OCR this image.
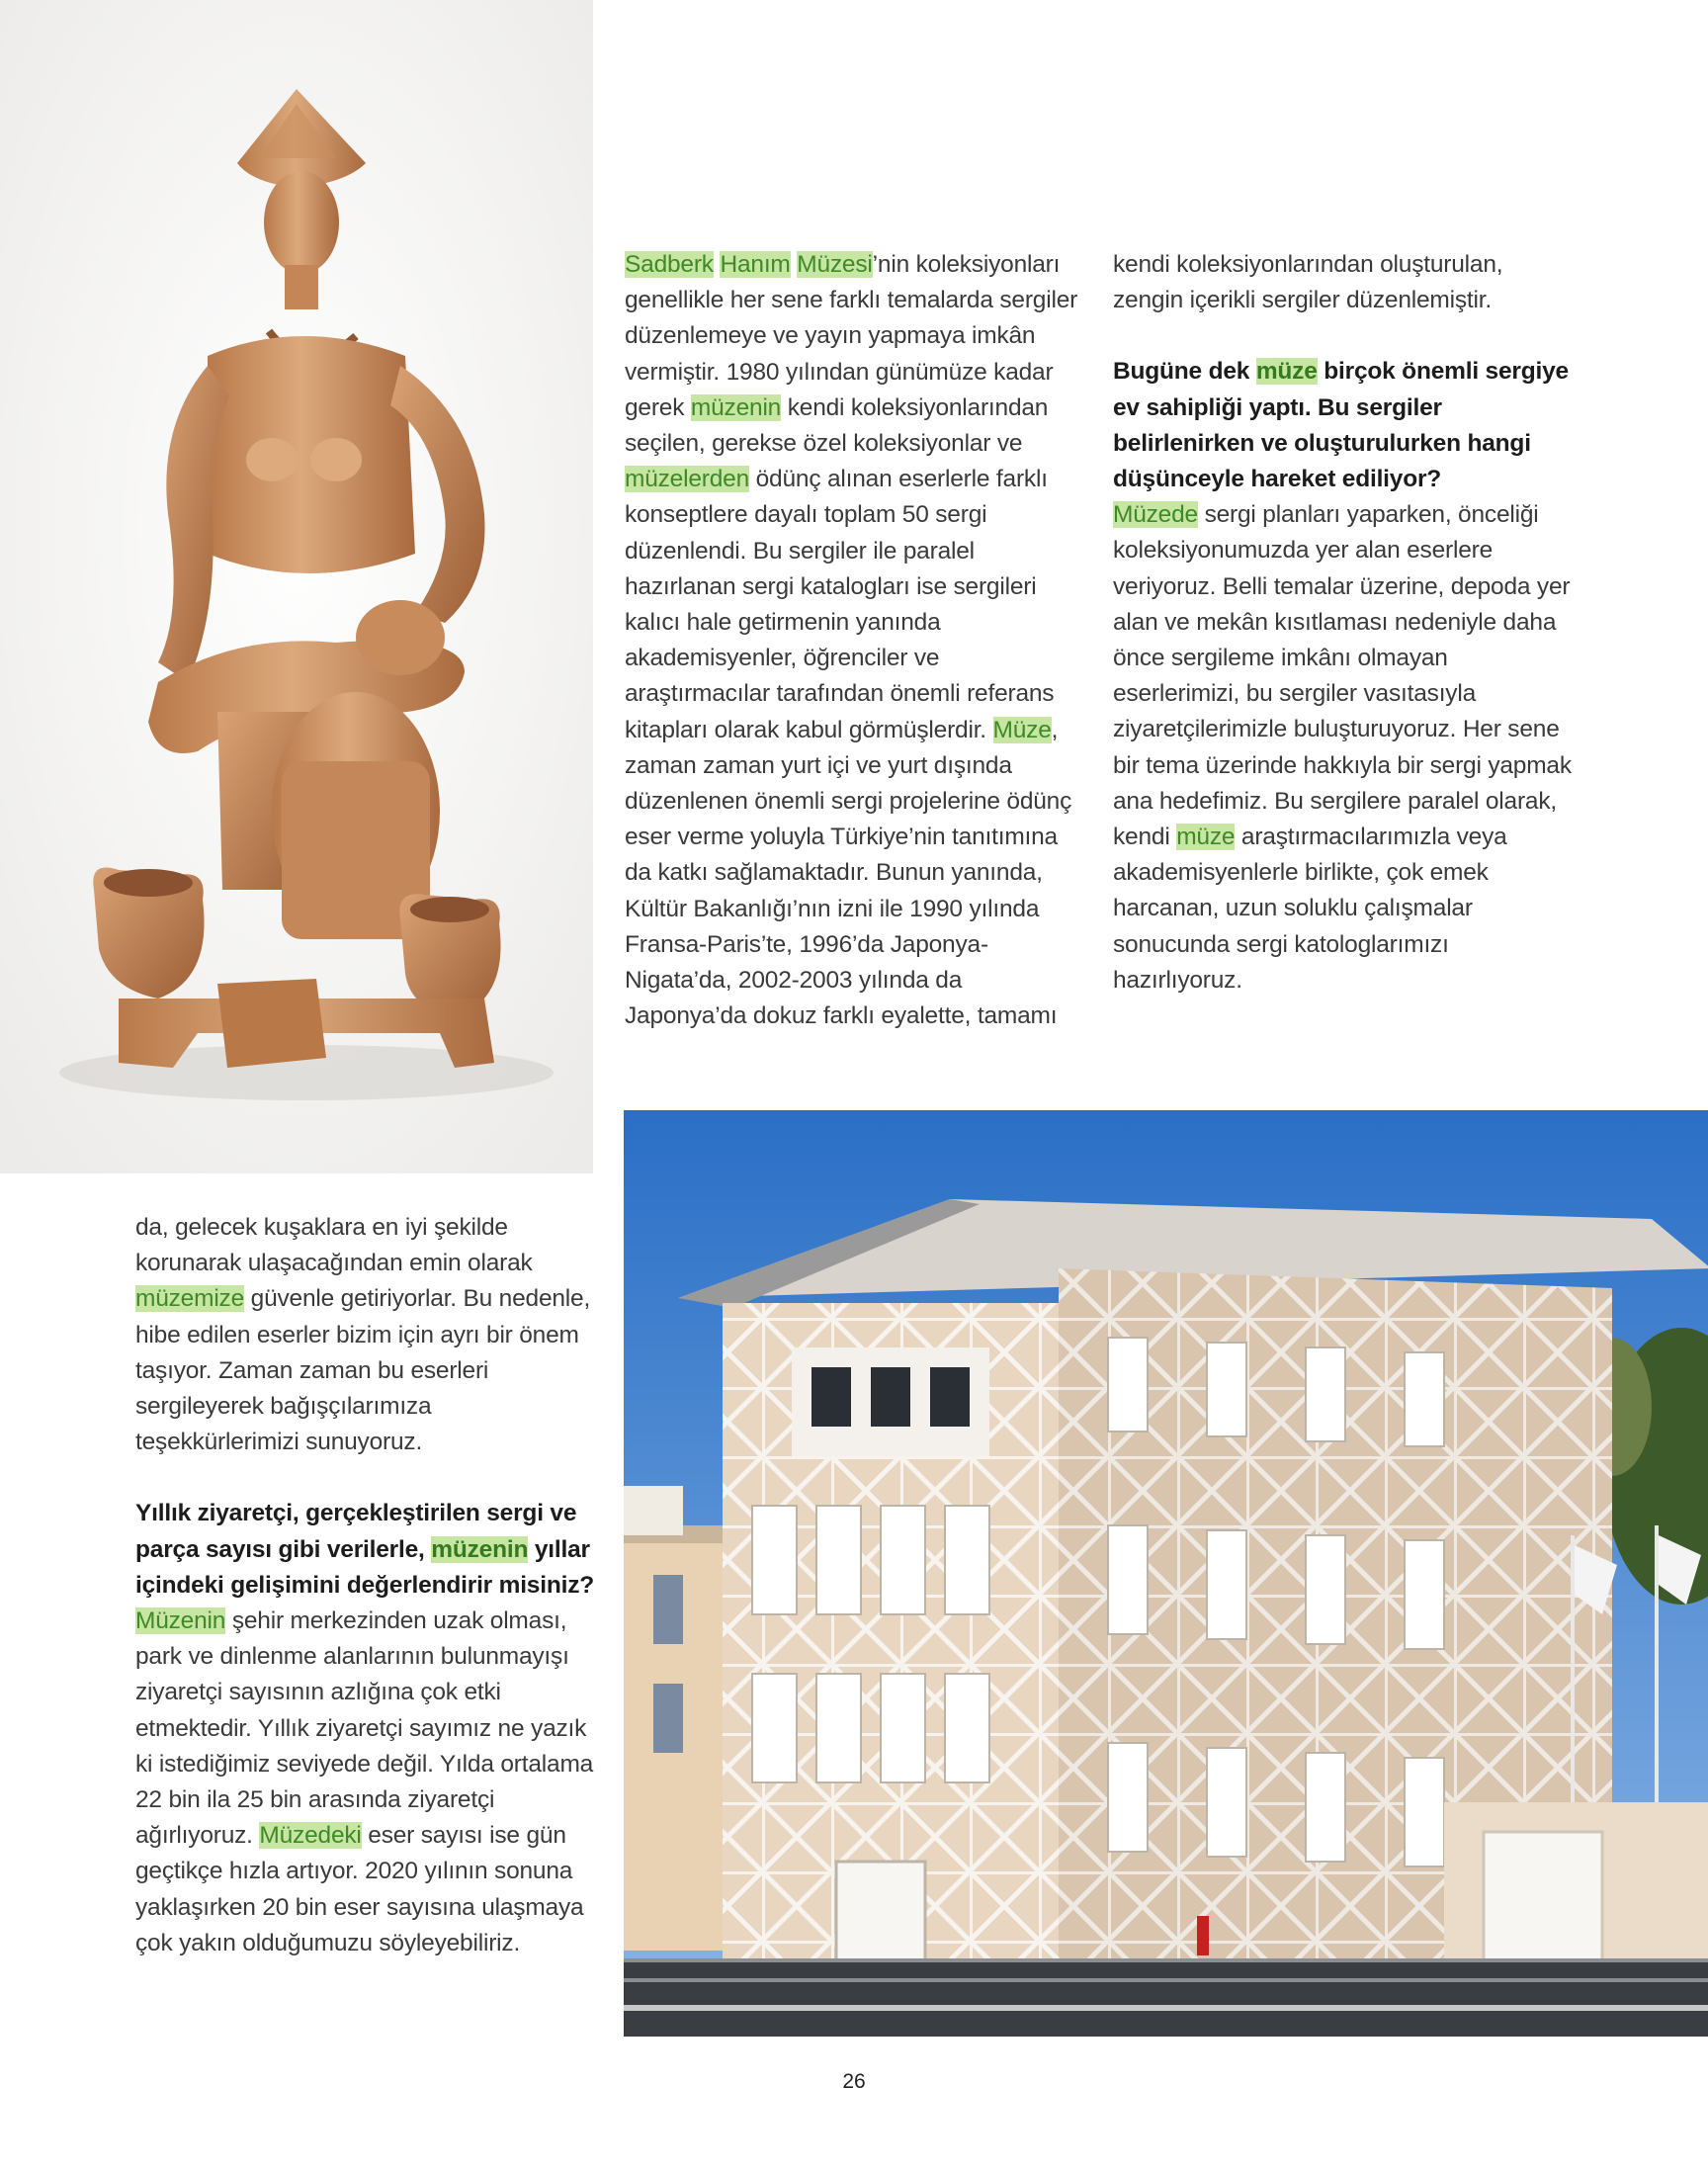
Sadberk Hanım Müzesi’nin koleksiyonları genellikle her sene farklı temalarda sergiler düzenlemeye ve yayın yapmaya imkân vermiştir. 1980 yılından günümüze kadar gerek müzenin kendi koleksiyonlarından seçilen, gerekse özel koleksiyonlar ve müzelerden ödünç alınan eserlerle farklı konseptlere dayalı toplam 50 sergi düzenlendi. Bu sergiler ile paralel hazırlanan sergi katalogları ise sergileri kalıcı hale getirmenin yanında akademisyenler, öğrenciler ve araştırmacılar tarafından önemli referans kitapları olarak kabul görmüşlerdir. Müze, zaman zaman yurt içi ve yurt dışında düzenlenen önemli sergi projelerine ödünç eser verme yoluyla Türkiye’nin tanıtımına da katkı sağlamaktadır. Bunun yanında, Kültür Bakanlığı’nın izni ile 1990 yılında Fransa-Paris’te, 1996’da Japonya-Nigata’da, 2002-2003 yılında da Japonya’da dokuz farklı eyalette, tamamı

kendi koleksiyonlarından oluşturulan, zengin içerikli sergiler düzenlemiştir.

Bugüne dek müze birçok önemli sergiye ev sahipliği yaptı. Bu sergiler belirlenirken ve oluşturulurken hangi düşünceyle hareket ediliyor?

Müzede sergi planları yaparken, önceliği koleksiyonumuzda yer alan eserlere veriyoruz. Belli temalar üzerine, depoda yer alan ve mekân kısıtlaması nedeniyle daha önce sergileme imkânı olmayan eserlerimizi, bu sergiler vasıtasıyla ziyaretçilerimizle buluşturuyoruz. Her sene bir tema üzerinde hakkıyla bir sergi yapmak ana hedefimiz. Bu sergilere paralel olarak, kendi müze araştırmacılarımızla veya akademisyenlerle birlikte, çok emek harcanan, uzun soluklu çalışmalar sonucunda sergi katologlarımızı hazırlıyoruz.

da, gelecek kuşaklara en iyi şekilde korunarak ulaşacağından emin olarak müzemize güvenle getiriyorlar. Bu nedenle, hibe edilen eserler bizim için ayrı bir önem taşıyor. Zaman zaman bu eserleri sergileyerek bağışçılarımıza teşekkürlerimizi sunuyoruz.

Yıllık ziyaretçi, gerçekleştirilen sergi ve parça sayısı gibi verilerle, müzenin yıllar içindeki gelişimini değerlendirir misiniz?

Müzenin şehir merkezinden uzak olması, park ve dinlenme alanlarının bulunmayışı ziyaretçi sayısının azlığına çok etki etmektedir. Yıllık ziyaretçi sayımız ne yazık ki istediğimiz seviyede değil. Yılda ortalama 22 bin ila 25 bin arasında ziyaretçi ağırlıyoruz. Müzedeki eser sayısı ise gün geçtikçe hızla artıyor. 2020 yılının sonuna yaklaşırken 20 bin eser sayısına ulaşmaya çok yakın olduğumuzu söyleyebiliriz.

26
